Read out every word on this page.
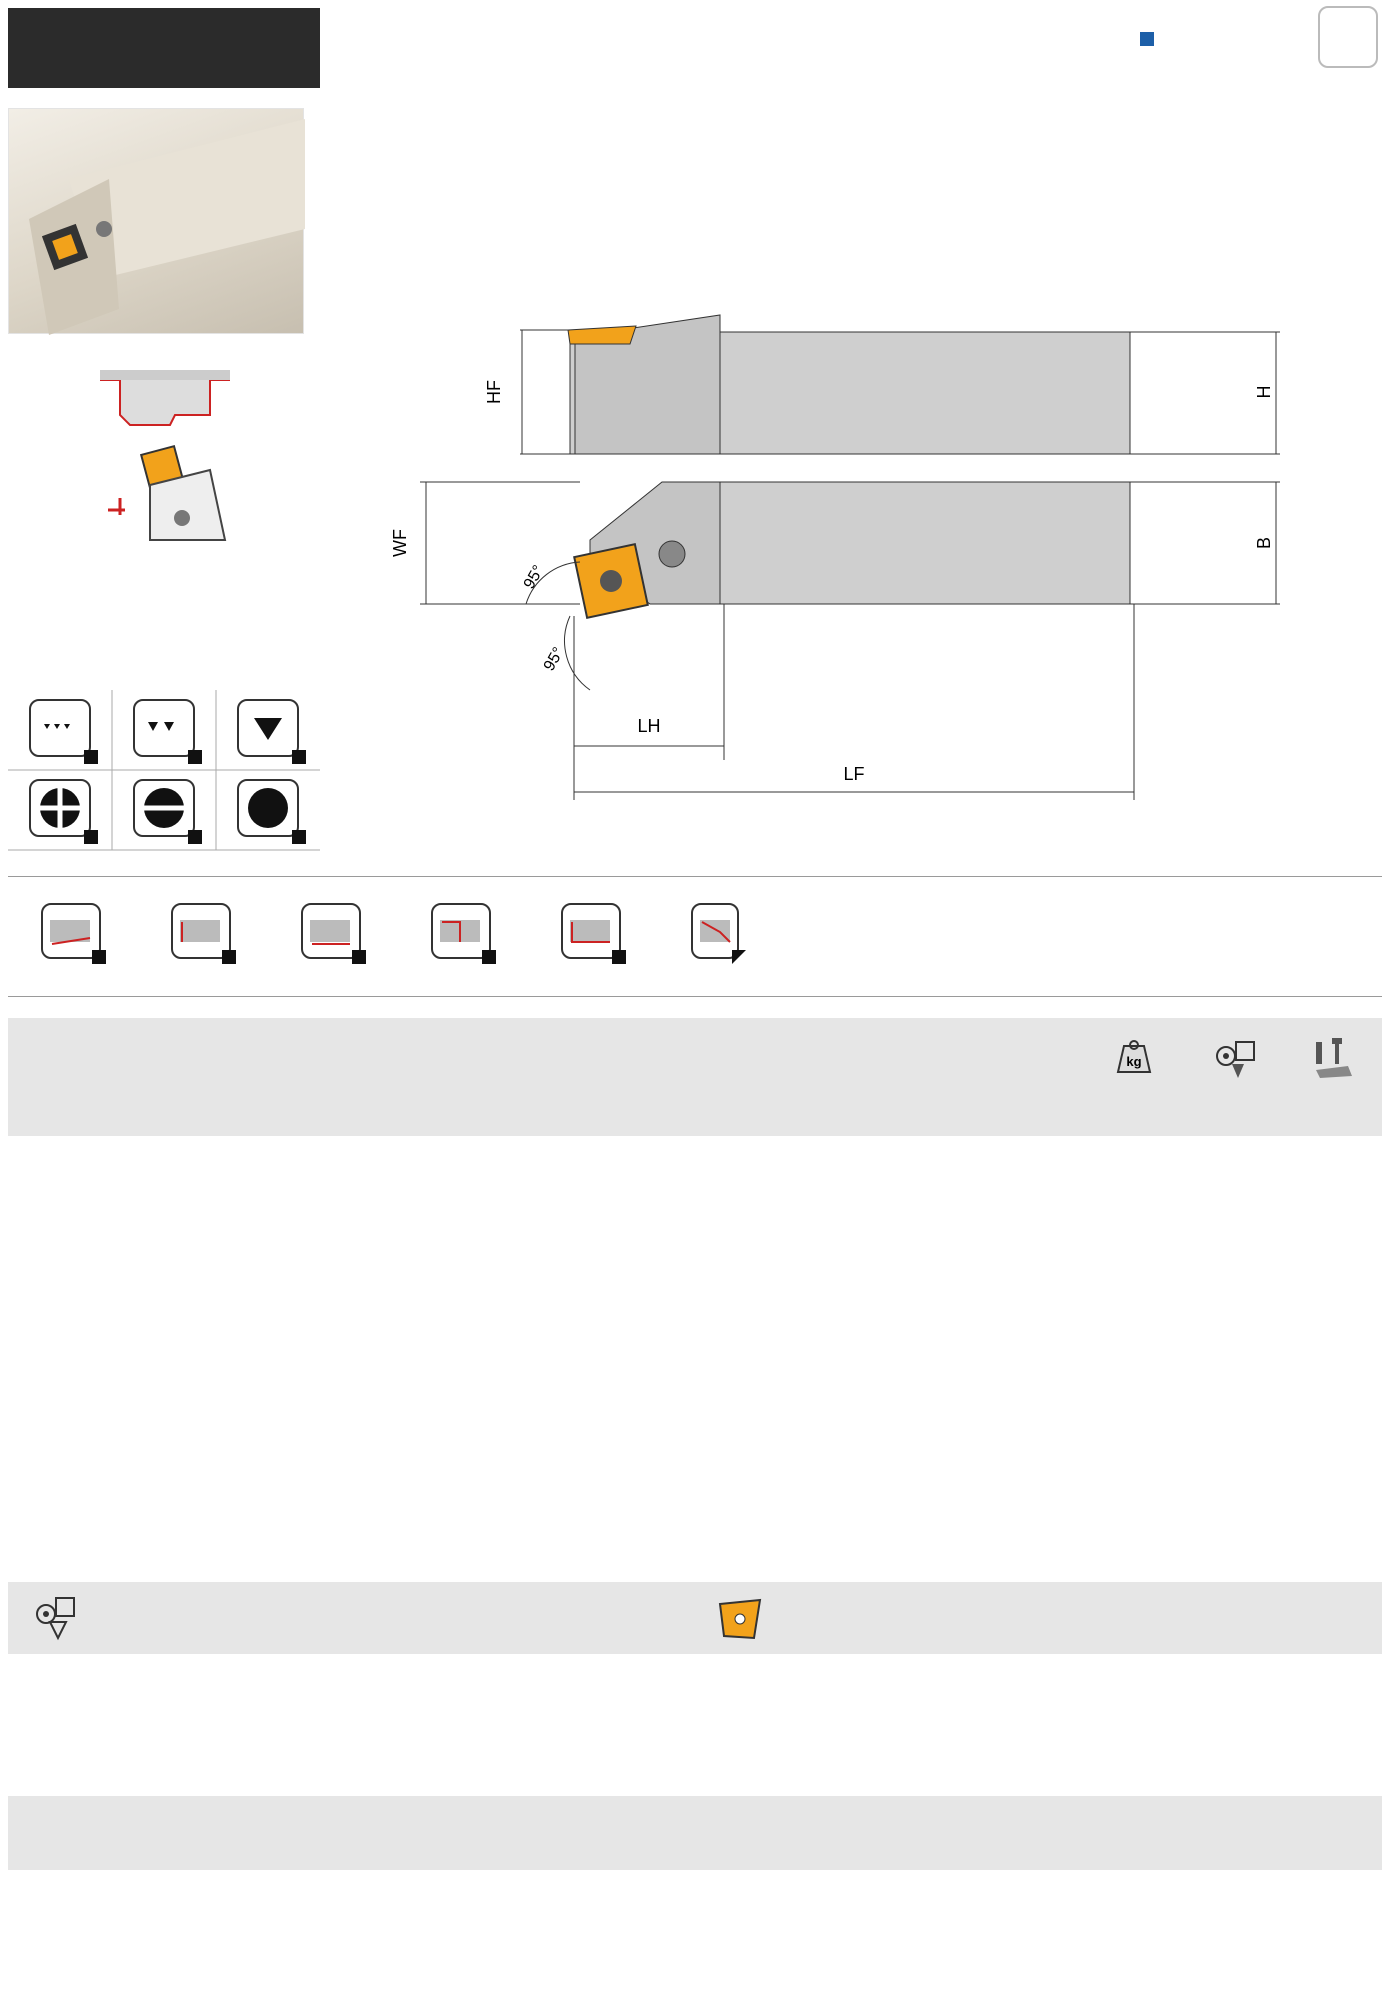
HF	H
WF	B
95°
95°
LH
LF
kg
